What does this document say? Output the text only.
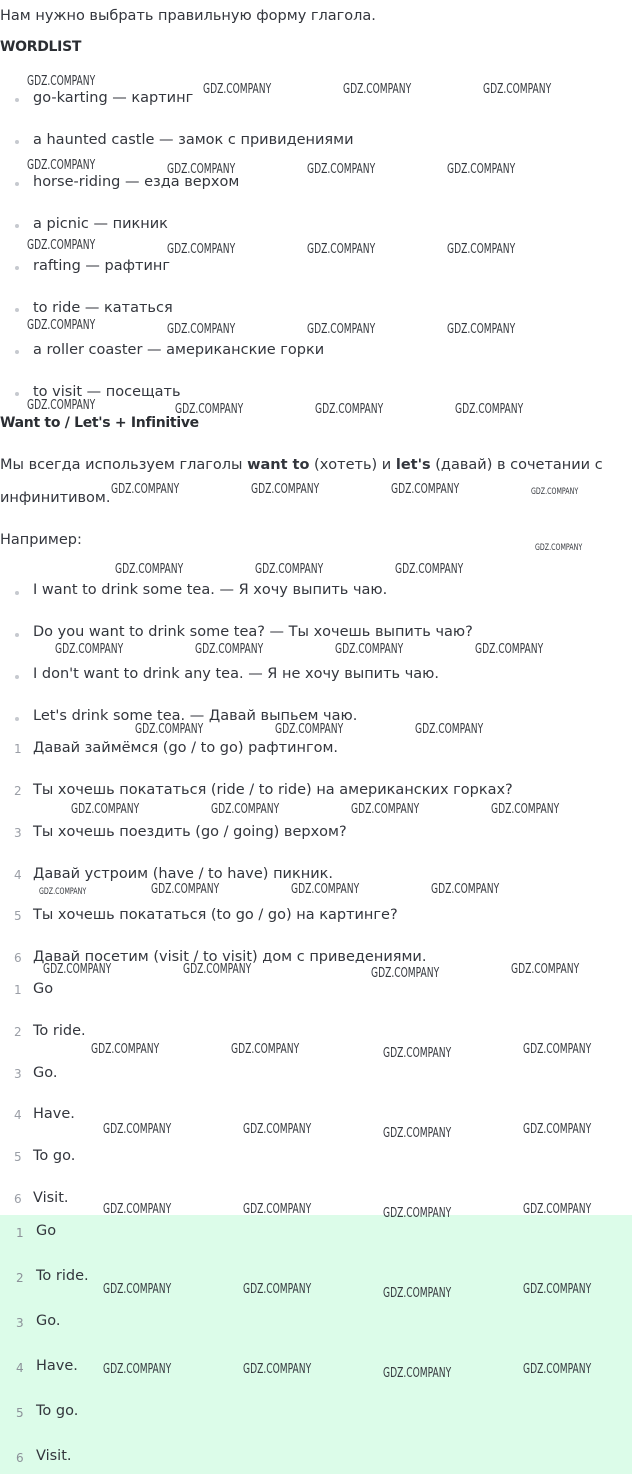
Нам нужно выбрать правильную форму глагола.
WORDLIST
go-karting — картинг
a haunted castle — замок с привидениями
horse-riding — езда верхом
a picnic — пикник
rafting — рафтинг
to ride — кататься
a roller coaster — американские горки
to visit — посещать
Want to / Let's + Infinitive
Мы всегда используем глаголы want to (хотеть) и let's (давай) в сочетании с
инфинитивом.
Например:
I want to drink some tea. — Я хочу выпить чаю.
Do you want to drink some tea? — Ты хочешь выпить чаю?
I don't want to drink any tea. — Я не хочу выпить чаю.
Let's drink some tea. — Давай выпьем чаю.
1 Давай займёмся (go / to go) рафтингом.
2 Ты хочешь покататься (ride / to ride) на американских горках?
3 Ты хочешь поездить (go / going) верхом?
4 Давай устроим (have / to have) пикник.
5 Ты хочешь покататься (to go / go) на картинге?
6 Давай посетим (visit / to visit) дом с приведениями.
1 Go
2 To ride.
3 Go.
4 Have.
5 To go.
6 Visit.
1 Go
2 To ride.
3 Go.
4 Have.
5 To go.
6 Visit.
GDZ.COMPANY
GDZ.COMPANY	GDZ.COMPANY	GDZ.COMPANY
GDZ.COMPANY	GDZ.COMPANY	GDZ.COMPANY	GDZ.COMPANY
GDZ.COMPANY	GDZ.COMPANY	GDZ.COMPANY	GDZ.COMPANY
GDZ.COMPANY	GDZ.COMPANY	GDZ.COMPANY	GDZ.COMPANY
GDZ.COMPANY	GDZ.COMPANY	GDZ.COMPANY	GDZ.COMPANY
GDZ.COMPANY	GDZ.COMPANY	GDZ.COMPANY	GDZ.COMPANY
GDZ.COMPANY
GDZ.COMPANY	GDZ.COMPANY	GDZ.COMPANY
GDZ.COMPANY	GDZ.COMPANY	GDZ.COMPANY	GDZ.COMPANY
GDZ.COMPANY	GDZ.COMPANY	GDZ.COMPANY
GDZ.COMPANY	GDZ.COMPANY	GDZ.COMPANY	GDZ.COMPANY
GDZ.COMPANY	GDZ.COMPANY	GDZ.COMPANY	GDZ.COMPANY
GDZ.COMPANY	GDZ.COMPANY	GDZ.COMPANY	GDZ.COMPANY
GDZ.COMPANY	GDZ.COMPANY	GDZ.COMPANY	GDZ.COMPANY
GDZ.COMPANY	GDZ.COMPANY	GDZ.COMPANY	GDZ.COMPANY
GDZ.COMPANY	GDZ.COMPANY	GDZ.COMPANY	GDZ.COMPANY
GDZ.COMPANY	GDZ.COMPANY	GDZ.COMPANY	GDZ.COMPANY
GDZ.COMPANY	GDZ.COMPANY	GDZ.COMPANY	GDZ.COMPANY
